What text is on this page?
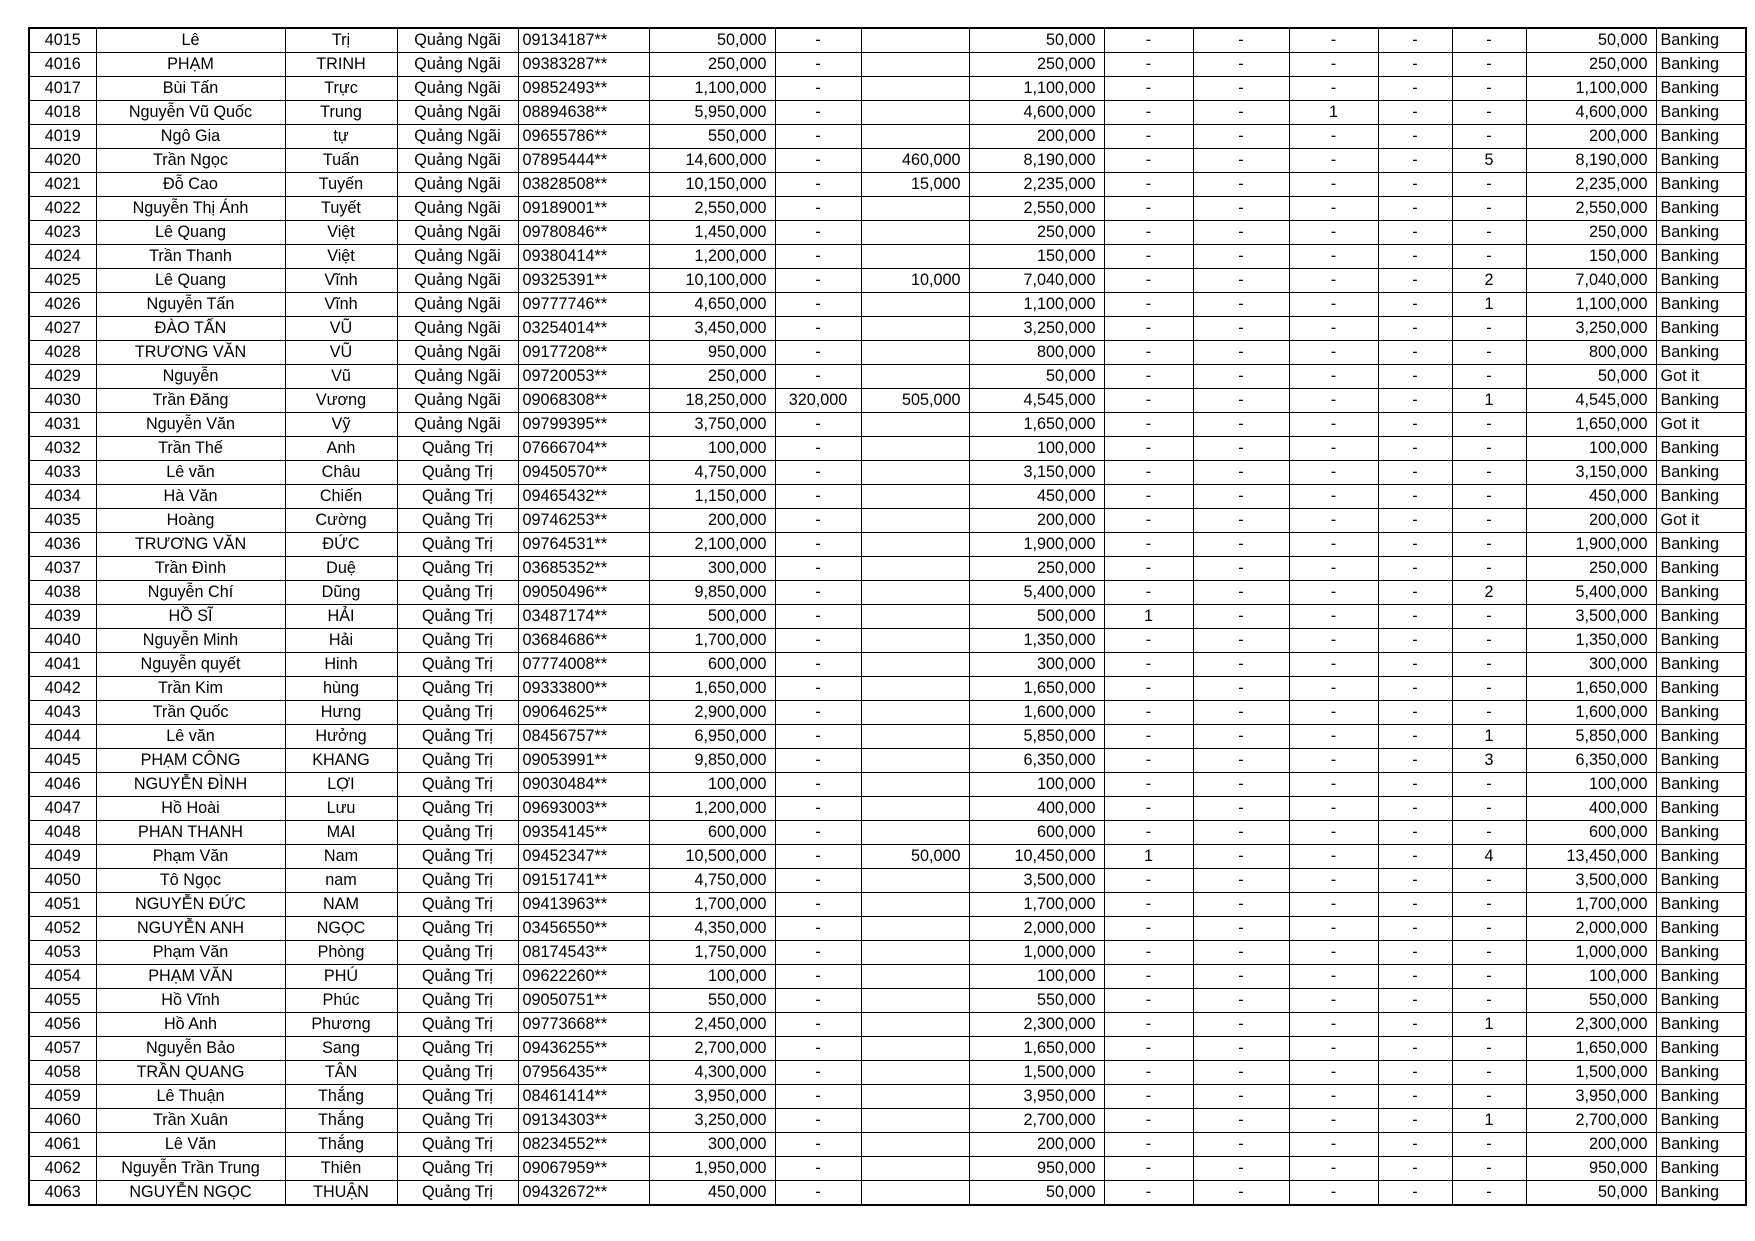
4015	Lê	Trị	Quảng Ngãi	09134187**	50,000	-		50,000	-	-	-	-	-	50,000	Banking
4016	PHẠM	TRINH	Quảng Ngãi	09383287**	250,000	-		250,000	-	-	-	-	-	250,000	Banking
4017	Bùi Tấn	Trực	Quảng Ngãi	09852493**	1,100,000	-		1,100,000	-	-	-	-	-	1,100,000	Banking
4018	Nguyễn Vũ Quốc	Trung	Quảng Ngãi	08894638**	5,950,000	-		4,600,000	-	-	1	-	-	4,600,000	Banking
4019	Ngô Gia	tự	Quảng Ngãi	09655786**	550,000	-		200,000	-	-	-	-	-	200,000	Banking
4020	Trần Ngọc	Tuấn	Quảng Ngãi	07895444**	14,600,000	-	460,000	8,190,000	-	-	-	-	5	8,190,000	Banking
4021	Đỗ Cao	Tuyến	Quảng Ngãi	03828508**	10,150,000	-	15,000	2,235,000	-	-	-	-	-	2,235,000	Banking
4022	Nguyễn Thị Ánh	Tuyết	Quảng Ngãi	09189001**	2,550,000	-		2,550,000	-	-	-	-	-	2,550,000	Banking
4023	Lê Quang	Việt	Quảng Ngãi	09780846**	1,450,000	-		250,000	-	-	-	-	-	250,000	Banking
4024	Trần Thanh	Việt	Quảng Ngãi	09380414**	1,200,000	-		150,000	-	-	-	-	-	150,000	Banking
4025	Lê Quang	Vĩnh	Quảng Ngãi	09325391**	10,100,000	-	10,000	7,040,000	-	-	-	-	2	7,040,000	Banking
4026	Nguyễn Tấn	Vĩnh	Quảng Ngãi	09777746**	4,650,000	-		1,100,000	-	-	-	-	1	1,100,000	Banking
4027	ĐÀO TẤN	VŨ	Quảng Ngãi	03254014**	3,450,000	-		3,250,000	-	-	-	-	-	3,250,000	Banking
4028	TRƯƠNG VĂN	VŨ	Quảng Ngãi	09177208**	950,000	-		800,000	-	-	-	-	-	800,000	Banking
4029	Nguyễn	Vũ	Quảng Ngãi	09720053**	250,000	-		50,000	-	-	-	-	-	50,000	Got it
4030	Trần Đăng	Vương	Quảng Ngãi	09068308**	18,250,000	320,000	505,000	4,545,000	-	-	-	-	1	4,545,000	Banking
4031	Nguyễn Văn	Vỹ	Quảng Ngãi	09799395**	3,750,000	-		1,650,000	-	-	-	-	-	1,650,000	Got it
4032	Trần Thế	Anh	Quảng Trị	07666704**	100,000	-		100,000	-	-	-	-	-	100,000	Banking
4033	Lê văn	Châu	Quảng Trị	09450570**	4,750,000	-		3,150,000	-	-	-	-	-	3,150,000	Banking
4034	Hà Văn	Chiến	Quảng Trị	09465432**	1,150,000	-		450,000	-	-	-	-	-	450,000	Banking
4035	Hoàng	Cường	Quảng Trị	09746253**	200,000	-		200,000	-	-	-	-	-	200,000	Got it
4036	TRƯƠNG VĂN	ĐỨC	Quảng Trị	09764531**	2,100,000	-		1,900,000	-	-	-	-	-	1,900,000	Banking
4037	Trần Đình	Duệ	Quảng Trị	03685352**	300,000	-		250,000	-	-	-	-	-	250,000	Banking
4038	Nguyễn Chí	Dũng	Quảng Trị	09050496**	9,850,000	-		5,400,000	-	-	-	-	2	5,400,000	Banking
4039	HỒ SĨ	HẢI	Quảng Trị	03487174**	500,000	-		500,000	1	-	-	-	-	3,500,000	Banking
4040	Nguyễn Minh	Hải	Quảng Trị	03684686**	1,700,000	-		1,350,000	-	-	-	-	-	1,350,000	Banking
4041	Nguyễn quyết	Hinh	Quảng Trị	07774008**	600,000	-		300,000	-	-	-	-	-	300,000	Banking
4042	Trần Kim	hùng	Quảng Trị	09333800**	1,650,000	-		1,650,000	-	-	-	-	-	1,650,000	Banking
4043	Trần Quốc	Hưng	Quảng Trị	09064625**	2,900,000	-		1,600,000	-	-	-	-	-	1,600,000	Banking
4044	Lê văn	Hưởng	Quảng Trị	08456757**	6,950,000	-		5,850,000	-	-	-	-	1	5,850,000	Banking
4045	PHẠM CÔNG	KHANG	Quảng Trị	09053991**	9,850,000	-		6,350,000	-	-	-	-	3	6,350,000	Banking
4046	NGUYỄN ĐÌNH	LỢI	Quảng Trị	09030484**	100,000	-		100,000	-	-	-	-	-	100,000	Banking
4047	Hồ Hoài	Lưu	Quảng Trị	09693003**	1,200,000	-		400,000	-	-	-	-	-	400,000	Banking
4048	PHAN THANH	MAI	Quảng Trị	09354145**	600,000	-		600,000	-	-	-	-	-	600,000	Banking
4049	Phạm Văn	Nam	Quảng Trị	09452347**	10,500,000	-	50,000	10,450,000	1	-	-	-	4	13,450,000	Banking
4050	Tô Ngọc	nam	Quảng Trị	09151741**	4,750,000	-		3,500,000	-	-	-	-	-	3,500,000	Banking
4051	NGUYỄN ĐỨC	NAM	Quảng Trị	09413963**	1,700,000	-		1,700,000	-	-	-	-	-	1,700,000	Banking
4052	NGUYỄN ANH	NGỌC	Quảng Trị	03456550**	4,350,000	-		2,000,000	-	-	-	-	-	2,000,000	Banking
4053	Phạm Văn	Phòng	Quảng Trị	08174543**	1,750,000	-		1,000,000	-	-	-	-	-	1,000,000	Banking
4054	PHẠM VĂN	PHÚ	Quảng Trị	09622260**	100,000	-		100,000	-	-	-	-	-	100,000	Banking
4055	Hồ Vĩnh	Phúc	Quảng Trị	09050751**	550,000	-		550,000	-	-	-	-	-	550,000	Banking
4056	Hồ Anh	Phương	Quảng Trị	09773668**	2,450,000	-		2,300,000	-	-	-	-	1	2,300,000	Banking
4057	Nguyễn Bảo	Sang	Quảng Trị	09436255**	2,700,000	-		1,650,000	-	-	-	-	-	1,650,000	Banking
4058	TRẦN QUANG	TÂN	Quảng Trị	07956435**	4,300,000	-		1,500,000	-	-	-	-	-	1,500,000	Banking
4059	Lê Thuận	Thắng	Quảng Trị	08461414**	3,950,000	-		3,950,000	-	-	-	-	-	3,950,000	Banking
4060	Trần Xuân	Thắng	Quảng Trị	09134303**	3,250,000	-		2,700,000	-	-	-	-	1	2,700,000	Banking
4061	Lê Văn	Thắng	Quảng Trị	08234552**	300,000	-		200,000	-	-	-	-	-	200,000	Banking
4062	Nguyễn Trần Trung	Thiên	Quảng Trị	09067959**	1,950,000	-		950,000	-	-	-	-	-	950,000	Banking
4063	NGUYỄN NGỌC	THUẬN	Quảng Trị	09432672**	450,000	-		50,000	-	-	-	-	-	50,000	Banking
